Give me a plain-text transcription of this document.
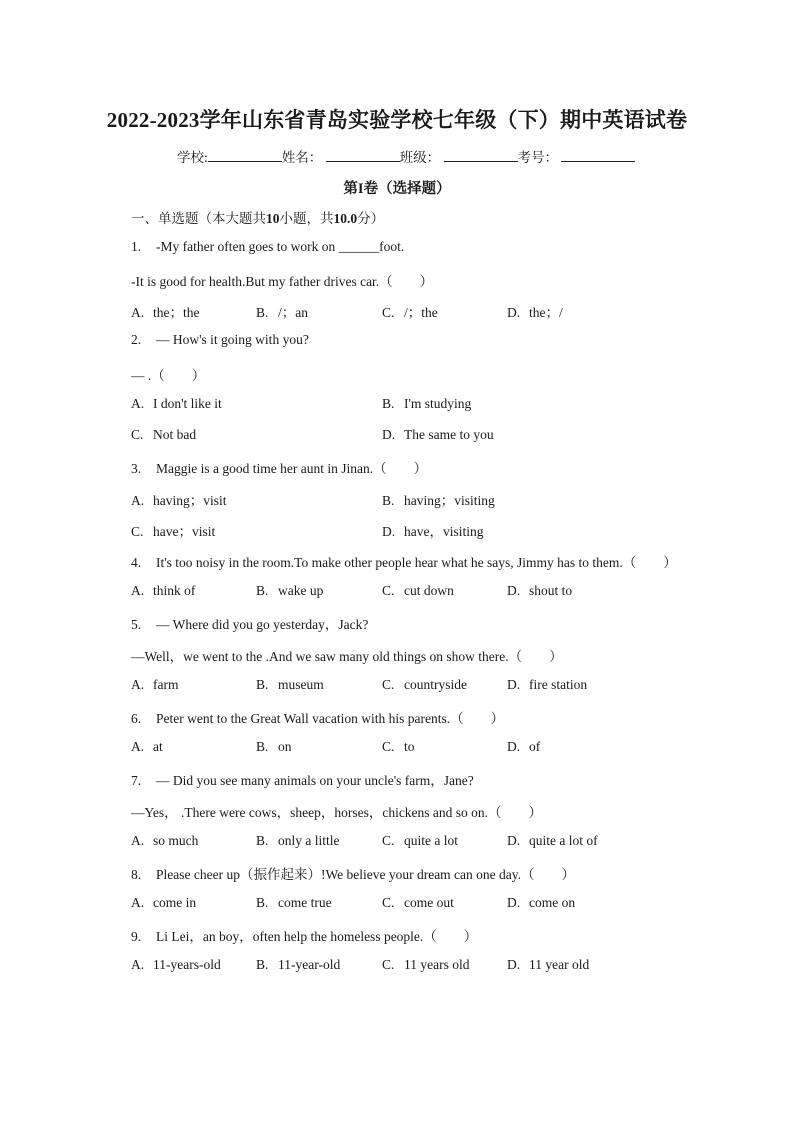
2022-2023学年山东省青岛实验学校七年级（下）期中英语试卷
学校:	姓名：	班级：	考号：
第I卷（选择题）
一、单选题（本大题共10小题，共10.0分）
1. -My father often goes to work on ______foot.
-It is good for health.But my father drives car.（　　）
A. the；the	B. /；an	C. /；the	D. the；/
2. — How's it going with you?
— .（　　）
A. I don't like it	B. I'm studying
C. Not bad	D. The same to you
3. Maggie is a good time her aunt in Jinan.（　　）
A. having；visit	B. having；visiting
C. have；visit	D. have，visiting
4. It's too noisy in the room.To make other people hear what he says, Jimmy has to them.（　　）
A. think of	B. wake up	C. cut down	D. shout to
5. — Where did you go yesterday，Jack?
—Well，we went to the .And we saw many old things on show there.（　　）
A. farm	B. museum	C. countryside	D. fire station
6. Peter went to the Great Wall vacation with his parents.（　　）
A. at	B. on	C. to	D. of
7. — Did you see many animals on your uncle's farm，Jane?
—Yes， .There were cows，sheep，horses，chickens and so on.（　　）
A. so much	B. only a little	C. quite a lot	D. quite a lot of
8. Please cheer up（振作起来）!We believe your dream can one day.（　　）
A. come in	B. come true	C. come out	D. come on
9. Li Lei，an boy，often help the homeless people.（　　）
A. 11-years-old	B. 11-year-old	C. 11 years old	D. 11 year old
